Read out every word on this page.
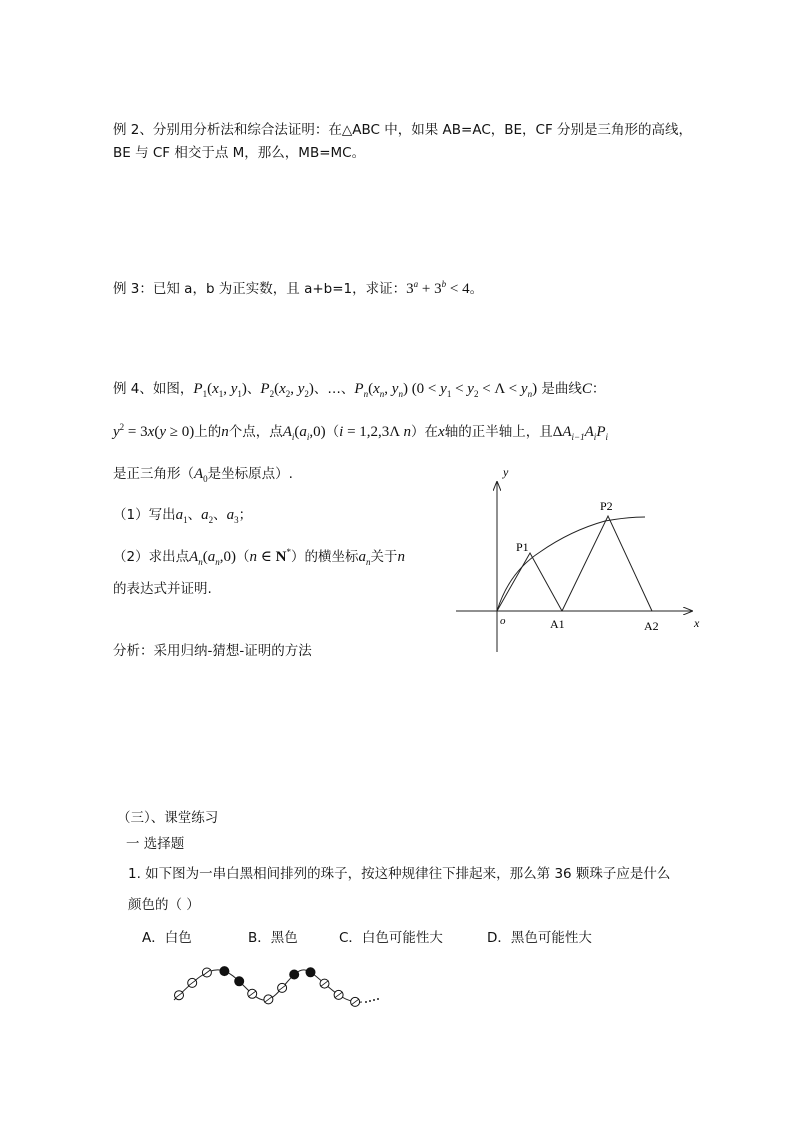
例 2、分别用分析法和综合法证明：在△ABC 中，如果 AB=AC，BE，CF 分别是三角形的高线，
BE 与 CF 相交于点 M，那么，MB=MC。
例 3：已知 a，b 为正实数，且 a+b=1，求证：$3^a + 3^b < 4$。
例 4、如图，$P_1(x_1$, $y_1$)、$P_2(x_2$, $y_2$)、…、$P_n(x_n$, $y_n$) $(0 < y_1 < y_2 < \Lambda < y_n)$ 是曲线C：
$y^2 = 3x(y \ge 0)$上的n个点，点$A_i(a_i,0)(i = 1,2,3\Lambda$ n）在x轴的正半轴上，且$\Delta A_{i-1}A_iP_i$
是正三角形（$A_0$是坐标原点）.
（1）写出$a_1$、$a_2$、$a_3$；
（2）求出点$A_n(a_n,0)(n$ ∈ N*）的横坐标$a_n$关于n
的表达式并证明.
分析：采用归纳-猜想-证明的方法
y
x
o
P1
P2
A1	A2
（三）、课堂练习
一 选择题
1. 如下图为一串白黑相间排列的珠子，按这种规律往下排起来，那么第 36 颗珠子应是什么
颜色的（ ）
A．白色	B．黑色	C．白色可能性大	D．黑色可能性大
